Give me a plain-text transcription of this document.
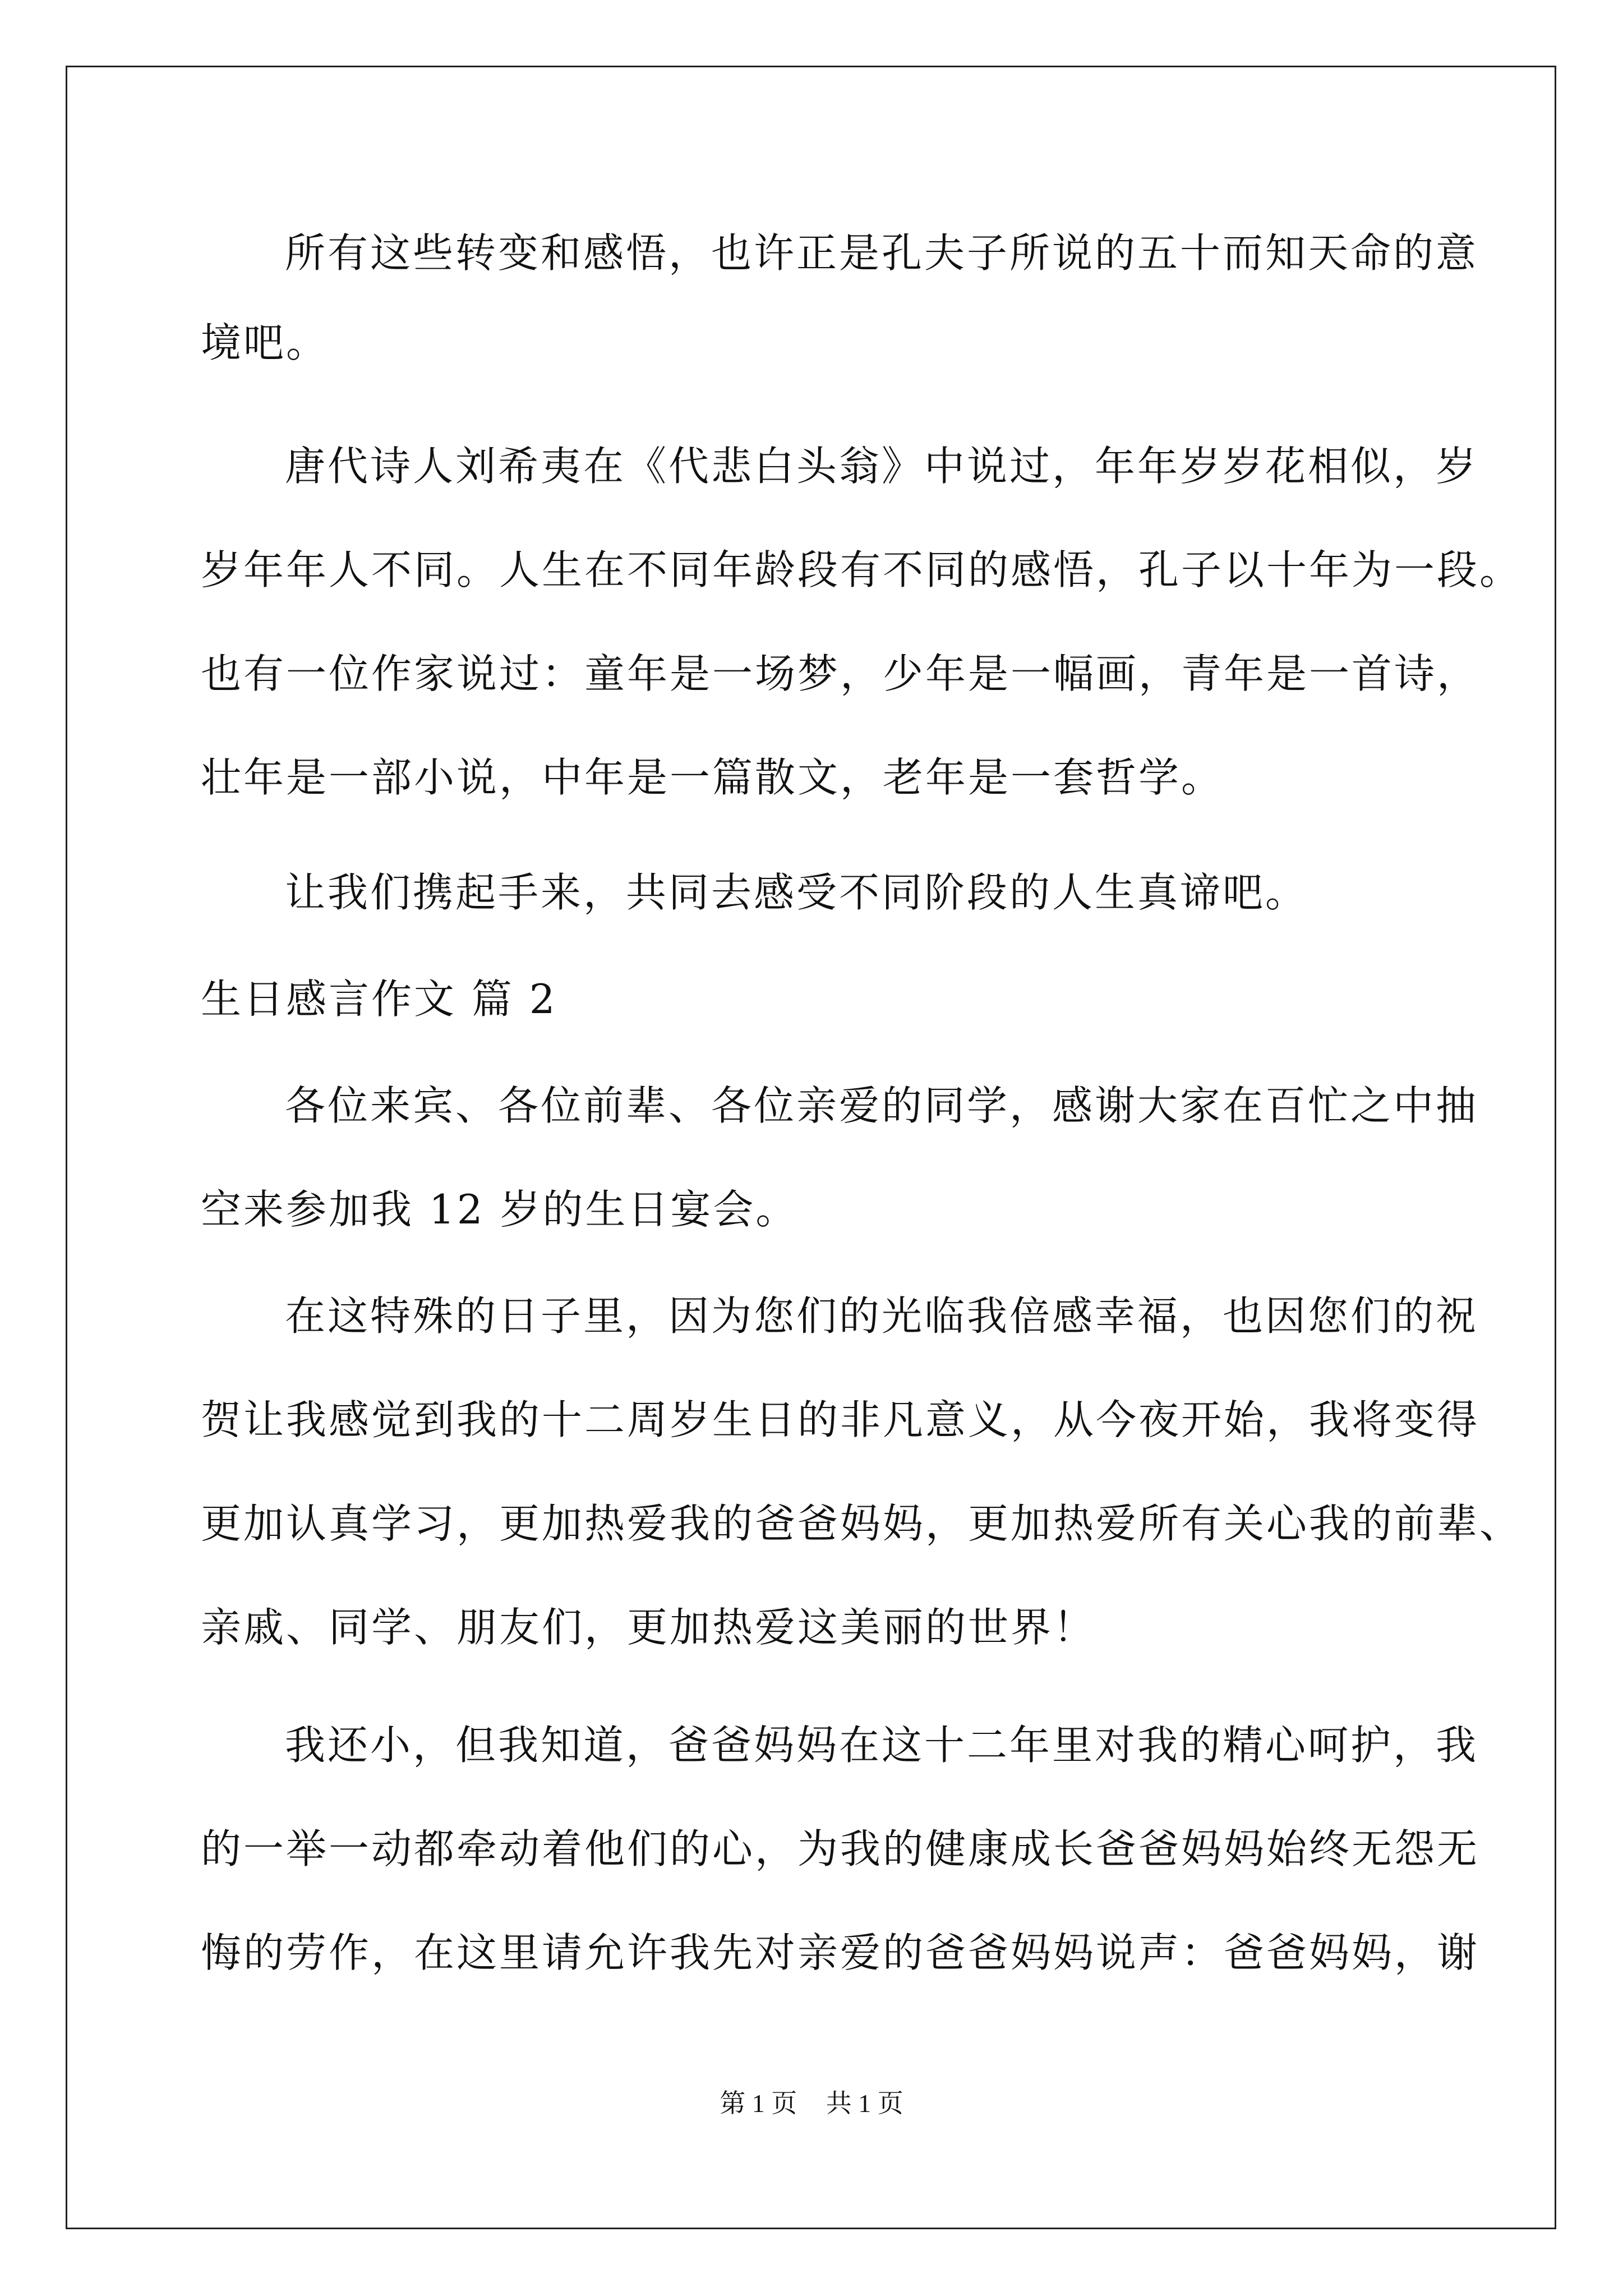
所有这些转变和感悟，也许正是孔夫子所说的五十而知天命的意
境吧。
唐代诗人刘希夷在《代悲白头翁》中说过，年年岁岁花相似，岁
岁年年人不同。人生在不同年龄段有不同的感悟，孔子以十年为一段。
也有一位作家说过：童年是一场梦，少年是一幅画，青年是一首诗，
壮年是一部小说，中年是一篇散文，老年是一套哲学。
让我们携起手来，共同去感受不同阶段的人生真谛吧。
生日感言作文 篇 2
各位来宾、各位前辈、各位亲爱的同学，感谢大家在百忙之中抽
空来参加我 12 岁的生日宴会。
在这特殊的日子里，因为您们的光临我倍感幸福，也因您们的祝
贺让我感觉到我的十二周岁生日的非凡意义，从今夜开始，我将变得
更加认真学习，更加热爱我的爸爸妈妈，更加热爱所有关心我的前辈、
亲戚、同学、朋友们，更加热爱这美丽的世界！
我还小，但我知道，爸爸妈妈在这十二年里对我的精心呵护，我
的一举一动都牵动着他们的心，为我的健康成长爸爸妈妈始终无怨无
悔的劳作，在这里请允许我先对亲爱的爸爸妈妈说声：爸爸妈妈，谢
第 1 页 共 1 页
